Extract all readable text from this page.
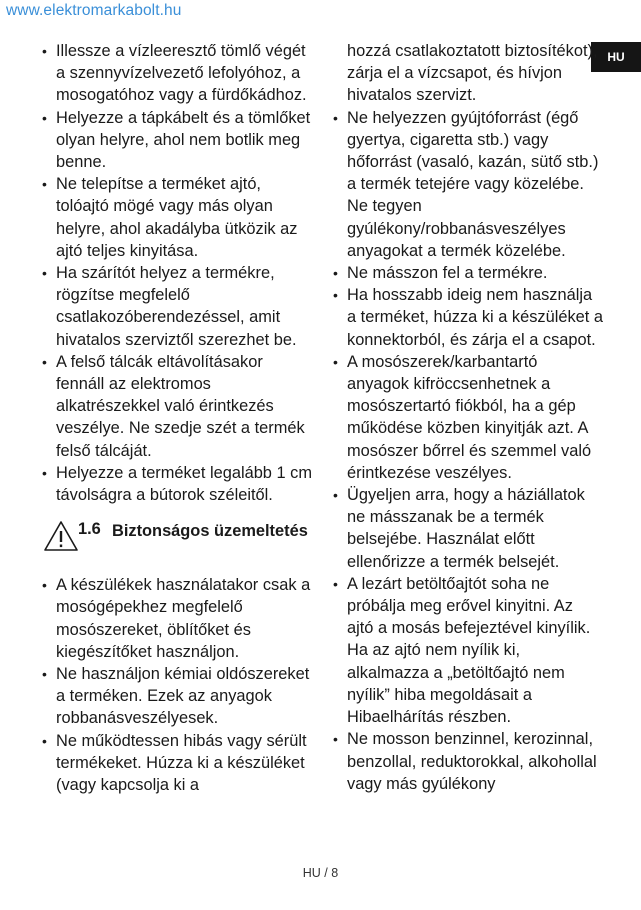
www.elektromarkabolt.hu
HU
• Illessze a vízleeresztő tömlő végét a szennyvízelvezető lefolyóhoz, a mosogatóhoz vagy a fürdőkádhoz.
• Helyezze a tápkábelt és a tömlőket olyan helyre, ahol nem botlik meg benne.
• Ne telepítse a terméket ajtó, tolóajtó mögé vagy más olyan helyre, ahol akadályba ütközik az ajtó teljes kinyitása.
• Ha szárítót helyez a termékre, rögzítse megfelelő csatlakozóberendezéssel, amit hivatalos szerviztől szerezhet be.
• A felső tálcák eltávolításakor fennáll az elektromos alkatrészekkel való érintkezés veszélye. Ne szedje szét a termék felső tálcáját.
• Helyezze a terméket legalább 1 cm távolságra a bútorok széleitől.
1.6 Biztonságos üzemeltetés
• A készülékek használatakor csak a mosógépekhez megfelelő mosószereket, öblítőket és kiegészítőket használjon.
• Ne használjon kémiai oldószereket a terméken. Ezek az anyagok robbanásveszélyesek.
• Ne működtessen hibás vagy sérült termékeket. Húzza ki a készüléket (vagy kapcsolja ki a
hozzá csatlakoztatott biztosítékot), zárja el a vízcsapot, és hívjon hivatalos szervizt.
• Ne helyezzen gyújtóforrást (égő gyertya, cigaretta stb.) vagy hőforrást (vasaló, kazán, sütő stb.) a termék tetejére vagy közelébe. Ne tegyen gyúlékony/robbanásveszélyes anyagokat a termék közelébe.
• Ne másszon fel a termékre.
• Ha hosszabb ideig nem használja a terméket, húzza ki a készüléket a konnektorból, és zárja el a csapot.
• A mosószerek/karbantartó anyagok kifröccsenhetnek a mosószertartó fiókból, ha a gép működése közben kinyitják azt. A mosószer bőrrel és szemmel való érintkezése veszélyes.
• Ügyeljen arra, hogy a háziállatok ne másszanak be a termék belsejébe. Használat előtt ellenőrizze a termék belsejét.
• A lezárt betöltőajtót soha ne próbálja meg erővel kinyitni. Az ajtó a mosás befejeztével kinyílik. Ha az ajtó nem nyílik ki, alkalmazza a „betöltőajtó nem nyílik” hiba megoldásait a Hibaelhárítás részben.
• Ne mosson benzinnel, kerozinnal, benzollal, reduktorokkal, alkohollal vagy más gyúlékony
HU / 8
